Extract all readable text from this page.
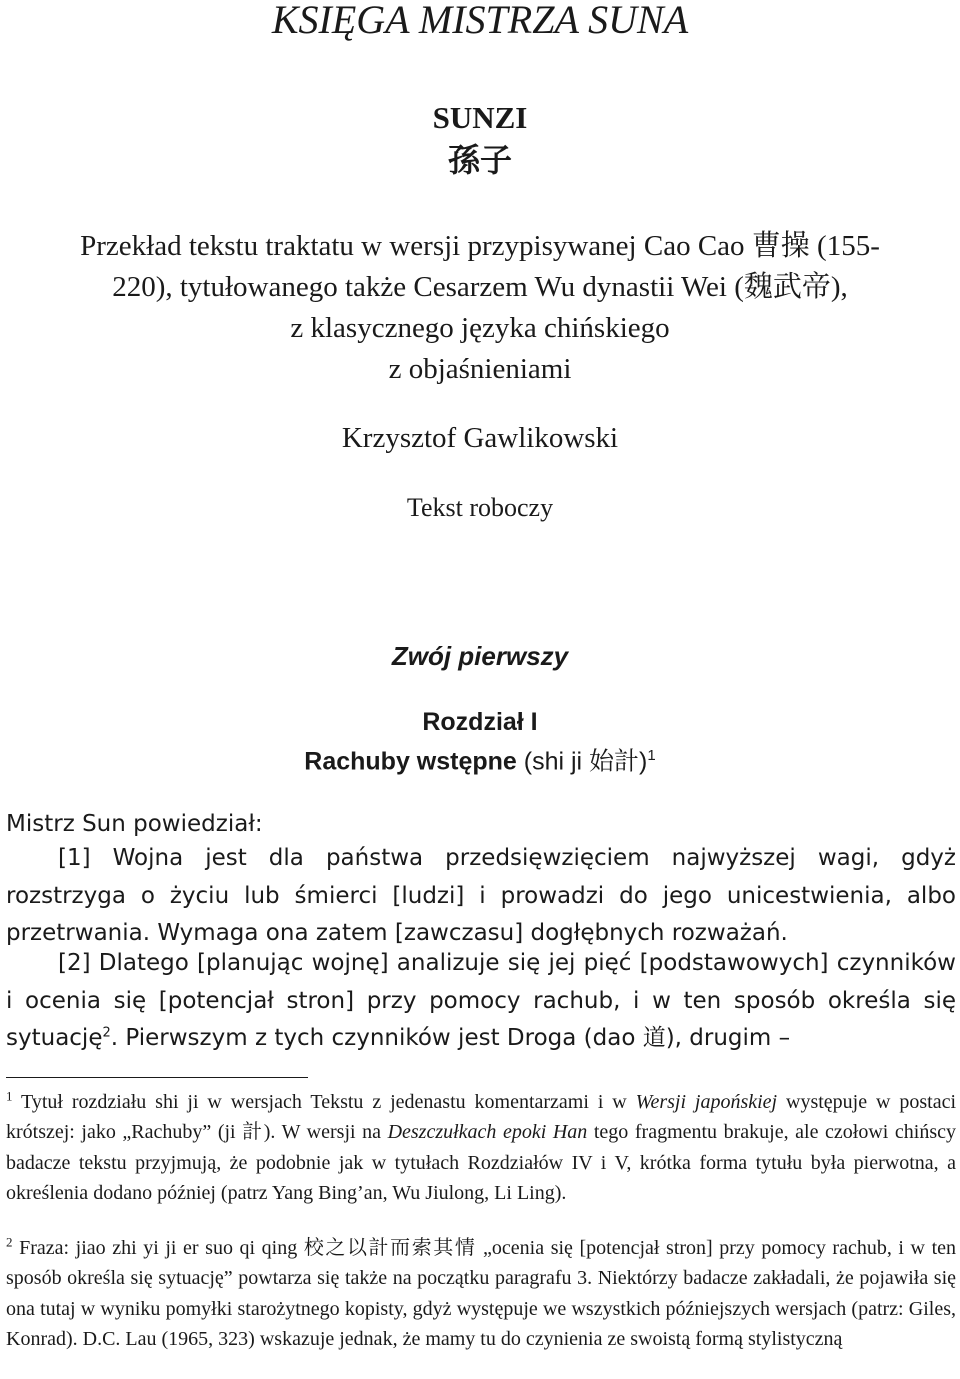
KSIĘGA MISTRZA SUNA
SUNZI
孫子
Przekład tekstu traktatu w wersji przypisywanej Cao Cao 曹操 (155-
220), tytułowanego także Cesarzem Wu dynastii Wei (魏武帝),
z klasycznego języka chińskiego
z objaśnieniami
Krzysztof Gawlikowski
Tekst roboczy
Zwój pierwszy
Rozdział I
Rachuby wstępne (shi ji 始計)$^1$
Mistrz Sun powiedział:
[1] Wojna jest dla państwa przedsięwzięciem najwyższej wagi, gdyż rozstrzyga o życiu lub śmierci [ludzi] i prowadzi do jego unicestwienia, albo przetrwania. Wymaga ona zatem [zawczasu] dogłębnych rozważań.
[2] Dlatego [planując wojnę] analizuje się jej pięć [podstawowych] czynników i ocenia się [potencjał stron] przy pomocy rachub, i w ten sposób określa się sytuację$^2$. Pierwszym z tych czynników jest Droga (dao 道), drugim –
$^1$ Tytuł rozdziału shi ji w wersjach Tekstu z jedenastu komentarzami i w Wersji japońskiej występuje w postaci krótszej: jako „Rachuby” (ji 計). W wersji na Deszczułkach epoki Han tego fragmentu brakuje, ale czołowi chińscy badacze tekstu przyjmują, że podobnie jak w tytułach Rozdziałów IV i V, krótka forma tytułu była pierwotna, a określenia dodano później (patrz Yang Bing’an, Wu Jiulong, Li Ling).
$^2$ Fraza: jiao zhi yi ji er suo qi qing 校之以計而索其情 „ocenia się [potencjał stron] przy pomocy rachub, i w ten sposób określa się sytuację” powtarza się także na początku paragrafu 3. Niektórzy badacze zakładali, że pojawiła się ona tutaj w wyniku pomyłki starożytnego kopisty, gdyż występuje we wszystkich późniejszych wersjach (patrz: Giles, Konrad). D.C. Lau (1965, 323) wskazuje jednak, że mamy tu do czynienia ze swoistą formą stylistyczną
